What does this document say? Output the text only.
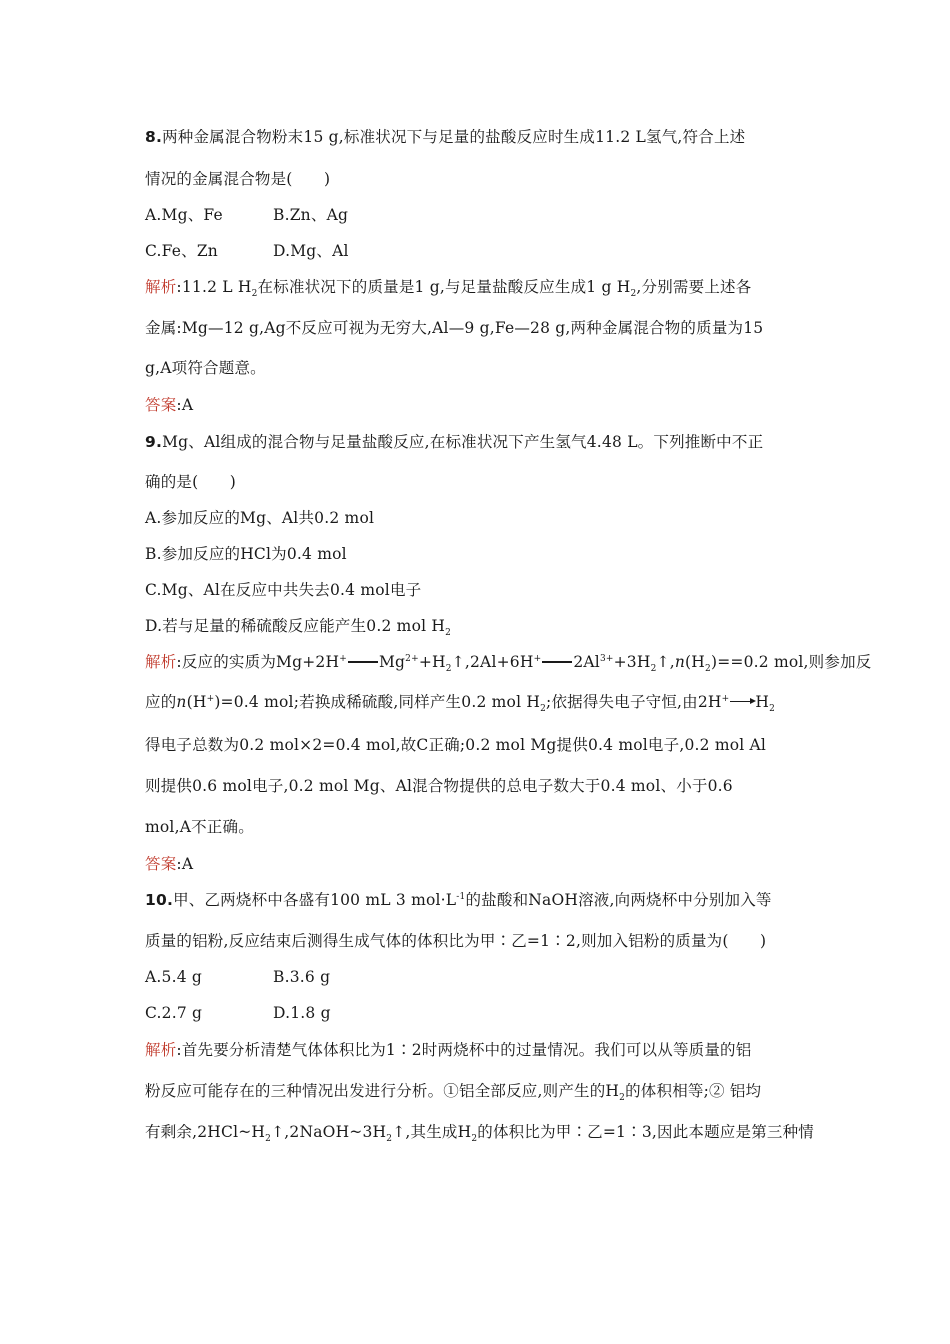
8.两种金属混合物粉末15 g,标准状况下与足量的盐酸反应时生成11.2 L氢气,符合上述
情况的金属混合物是(　　)
A.Mg、Fe	B.Zn、Ag
C.Fe、Zn	D.Mg、Al
解析:11.2 L $H_2$在标准状况下的质量是1 g,与足量盐酸反应生成1 g $H_2$,分别需要上述各
金属:Mg—12 g,Ag不反应可视为无穷大,Al—9 g,Fe—28 g,两种金属混合物的质量为15
g,A项符合题意。
答案:A
9.Mg、Al组成的混合物与足量盐酸反应,在标准状况下产生氢气4.48 L。下列推断中不正
确的是(　　)
A.参加反应的Mg、Al共0.2 mol
B.参加反应的HCl为0.4 mol
C.Mg、Al在反应中共失去0.4 mol电子
D.若与足量的稀硫酸反应能产生0.2 mol $H_2$
解析:反应的实质为Mg+2H+ $Mg^{2+}+H_2↑,2Al+6H^+$ $2Al^{3+}+3H_2↑,n(H_2)==0.2$ mol,则参加反
应的n(H+)=0.4 mol;若换成稀硫酸,同样产生0.2 mol $H_2$;依据得失电子守恒,由2H+ $H_2$
得电子总数为0.2 mol×2=0.4 mol,故C正确;0.2 mol Mg提供0.4 mol电子,0.2 mol Al
则提供0.6 mol电子,0.2 mol Mg、Al混合物提供的总电子数大于0.4 mol、小于0.6
mol,A不正确。
答案:A
10.甲、乙两烧杯中各盛有100 mL 3 $mol\cdot L^{-1}$的盐酸和NaOH溶液,向两烧杯中分别加入等
质量的铝粉,反应结束后测得生成气体的体积比为甲∶乙=1∶2,则加入铝粉的质量为(　　)
A.5.4 g	B.3.6 g
C.2.7 g	D.1.8 g
解析:首先要分析清楚气体体积比为1∶2时两烧杯中的过量情况。我们可以从等质量的铝
粉反应可能存在的三种情况出发进行分析。①铝全部反应,则产生的$H_2$的体积相等;② 铝均
有剩余$,2HCl\sim H_2↑,2NaOH\sim 3H_2↑$,其生成$H_2$的体积比为甲∶乙=1∶3,因此本题应是第三种情
